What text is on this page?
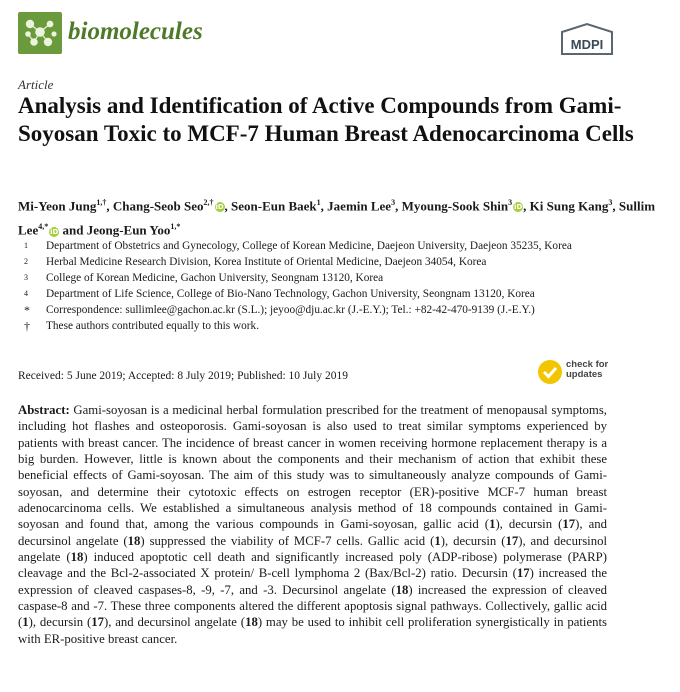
biomolecules	MDPI
Article
Analysis and Identification of Active Compounds from Gami-Soyosan Toxic to MCF-7 Human Breast Adenocarcinoma Cells
Mi-Yeon Jung$^{1,\dagger}$, Chang-Seob Seo$^{2,\dagger}$iD, Seon-Eun Baek$^1$, Jaemin Lee$^3$, Myoung-Sook Shin$^3$iD, Ki Sung Kang$^3$, Sullim Lee$^{4,*}$iD and Jeong-Eun Yoo$^{1,*}$
1	Department of Obstetrics and Gynecology, College of Korean Medicine, Daejeon University, Daejeon 35235, Korea
2	Herbal Medicine Research Division, Korea Institute of Oriental Medicine, Daejeon 34054, Korea
3	College of Korean Medicine, Gachon University, Seongnam 13120, Korea
4	Department of Life Science, College of Bio-Nano Technology, Gachon University, Seongnam 13120, Korea
*	Correspondence: sullimlee@gachon.ac.kr (S.L.); jeyoo@dju.ac.kr (J.-E.Y.); Tel.: +82-42-470-9139 (J.-E.Y.)
†	These authors contributed equally to this work.
Received: 5 June 2019; Accepted: 8 July 2019; Published: 10 July 2019
check for
updates

Abstract: Gami-soyosan is a medicinal herbal formulation prescribed for the treatment of menopausal symptoms, including hot flashes and osteoporosis. Gami-soyosan is also used to treat similar symptoms experienced by patients with breast cancer. The incidence of breast cancer in women receiving hormone replacement therapy is a big burden. However, little is known about the components and their mechanism of action that exhibit these beneficial effects of Gami-soyosan. The aim of this study was to simultaneously analyze compounds of Gami-soyosan, and determine their cytotoxic effects on estrogen receptor (ER)-positive MCF-7 human breast adenocarcinoma cells. We established a simultaneous analysis method of 18 compounds contained in Gami-soyosan and found that, among the various compounds in Gami-soyosan, gallic acid (1), decursin (17), and decursinol angelate (18) suppressed the viability of MCF-7 cells. Gallic acid (1), decursin (17), and decursinol angelate (18) induced apoptotic cell death and significantly increased poly (ADP-ribose) polymerase (PARP) cleavage and the Bcl-2-associated X protein/ B-cell lymphoma 2 (Bax/Bcl-2) ratio. Decursin (17) increased the expression of cleaved caspases-8, -9, -7, and -3. Decursinol angelate (18) increased the expression of cleaved caspase-8 and -7. These three components altered the different apoptosis signal pathways. Collectively, gallic acid (1), decursin (17), and decursinol angelate (18) may be used to inhibit cell proliferation synergistically in patients with ER-positive breast cancer.
